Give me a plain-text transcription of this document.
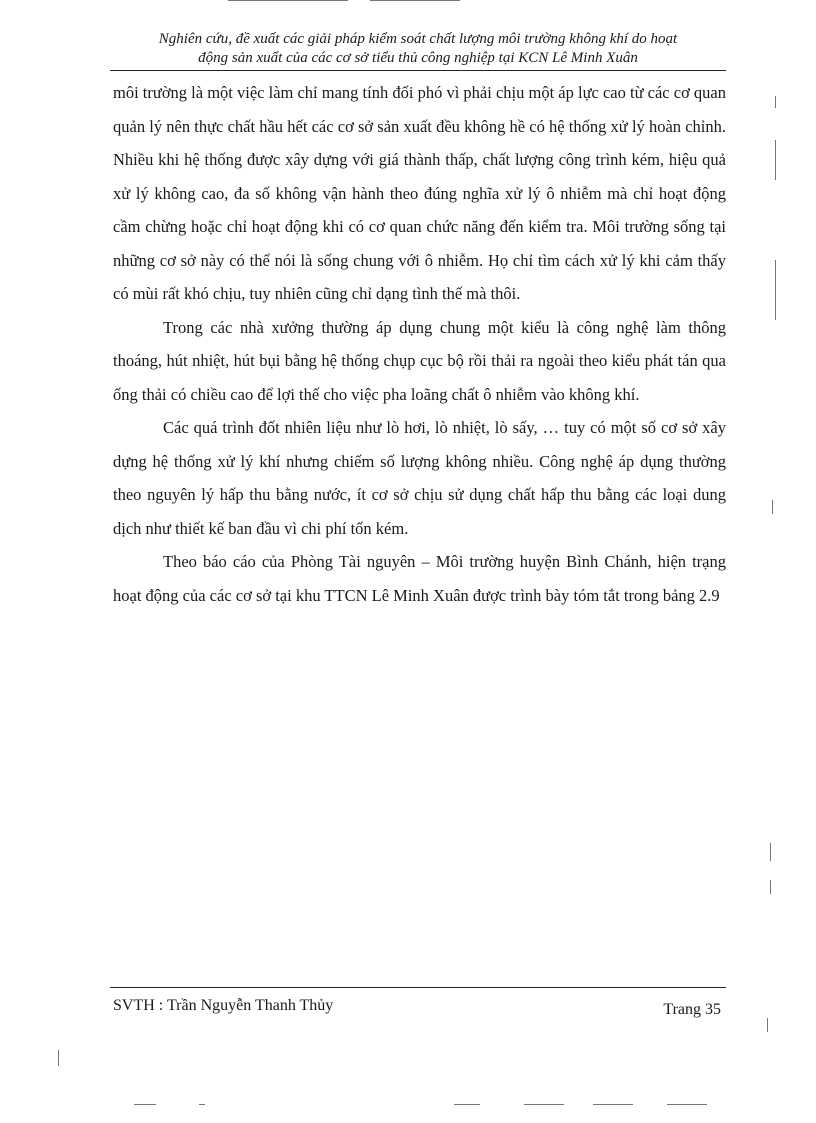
Nghiên cứu, đề xuất các giải pháp kiểm soát chất lượng môi trường không khí do hoạt
động sản xuất của các cơ sở tiểu thủ công nghiệp tại KCN Lê Minh Xuân

môi trường là một việc làm chỉ mang tính đối phó vì phải chịu một áp lực cao từ các cơ quan quản lý nên thực chất hầu hết các cơ sở sản xuất đều không hề có hệ thống xử lý hoàn chỉnh. Nhiều khi hệ thống được xây dựng với giá thành thấp, chất lượng công trình kém, hiệu quả xử lý không cao, đa số không vận hành theo đúng nghĩa xử lý ô nhiễm mà chỉ hoạt động cầm chừng hoặc chỉ hoạt động khi có cơ quan chức năng đến kiểm tra. Môi trường sống tại những cơ sở này có thể nói là sống chung với ô nhiễm. Họ chỉ tìm cách xử lý khi cảm thấy có mùi rất khó chịu, tuy nhiên cũng chỉ dạng tình thế mà thôi.

Trong các nhà xưởng thường áp dụng chung một kiểu là công nghệ làm thông thoáng, hút nhiệt, hút bụi bằng hệ thống chụp cục bộ rồi thải ra ngoài theo kiểu phát tán qua ống thải có chiều cao để lợi thế cho việc pha loãng chất ô nhiễm vào không khí.

Các quá trình đốt nhiên liệu như lò hơi, lò nhiệt, lò sấy, … tuy có một số cơ sở xây dựng hệ thống xử lý khí nhưng chiếm số lượng không nhiều. Công nghệ áp dụng thường theo nguyên lý hấp thu bằng nước, ít cơ sở chịu sử dụng chất hấp thu bằng các loại dung dịch như thiết kế ban đầu vì chi phí tốn kém.

Theo báo cáo của Phòng Tài nguyên – Môi trường huyện Bình Chánh, hiện trạng hoạt động của các cơ sở tại khu TTCN Lê Minh Xuân được trình bày tóm tắt trong bảng 2.9

SVTH : Trần Nguyễn Thanh Thủy	Trang 35
